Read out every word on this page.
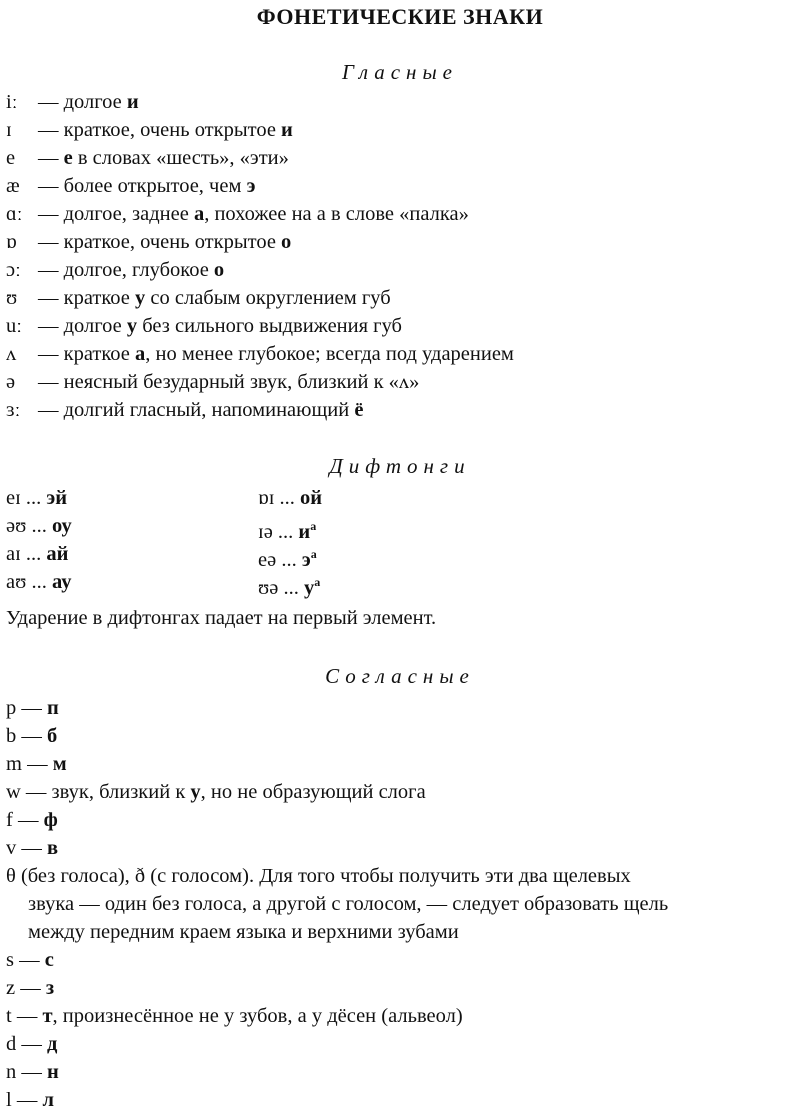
ФОНЕТИЧЕСКИЕ ЗНАКИ
Гласные
iː — долгое и
ɪ — краткое, очень открытое и
e — е в словах «шесть», «эти»
æ — более открытое, чем э
ɑː — долгое, заднее а, похожее на а в слове «палка»
ɒ — краткое, очень открытое о
ɔː — долгое, глубокое о
ʊ — краткое у со слабым округлением губ
uː — долгое у без сильного выдвижения губ
ʌ — краткое а, но менее глубокое; всегда под ударением
ə — неясный безударный звук, близкий к «ʌ»
ɜː — долгий гласный, напоминающий ё
Дифтонги
eɪ ... эй
əʊ ... оу
aɪ ... ай
aʊ ... ау
ɒɪ ... ой
ɪə ... $и^а$
eə ... $э^а$
ʊə ... $у^а$
Ударение в дифтонгах падает на первый элемент.
Согласные
p — п
b — б
m — м
w — звук, близкий к у, но не образующий слога
f — ф
v — в
θ (без голоса), ð (с голосом). Для того чтобы получить эти два щелевых
звука — один без голоса, а другой с голосом, — следует образовать щель
между передним краем языка и верхними зубами
s — с
z — з
t — т, произнесённое не у зубов, а у дёсен (альвеол)
d — д
n — н
l — л
